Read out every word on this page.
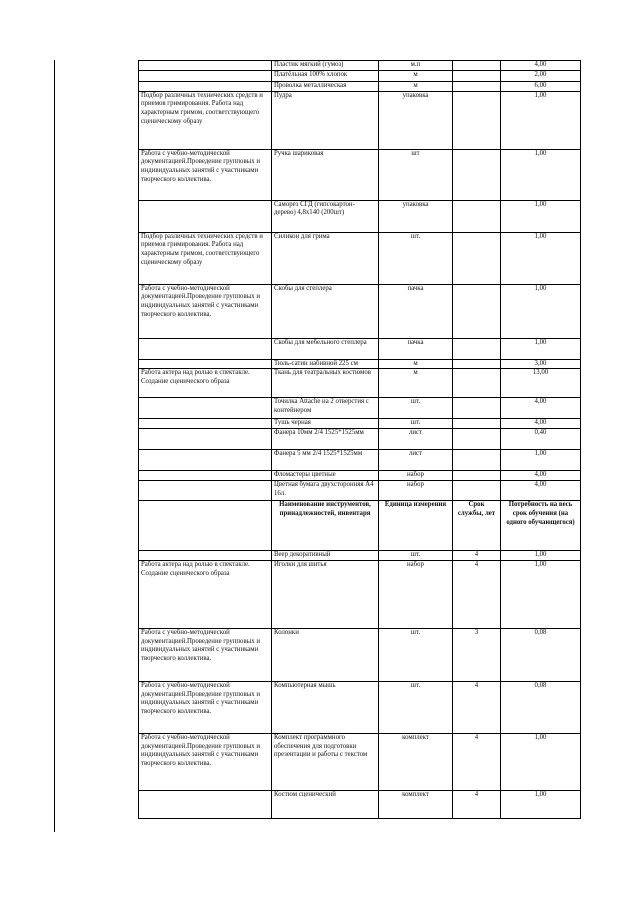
	Пластик мягкий (гумоз)	м.п		4,00
	Платёльная 100% хлопок	м		2,00
	Проволка металлическая	м		6,00
Подбор различных технических средств и приемов гримирования. Работа над характерным гримом, соответствующего сценическому образу	Пудра	упаковка		1,00
Работа с учебно-методической документацией.Проведение групповых и индивидуальных занятий с участниками творческого коллектива.	Ручка шариковая	шт		1,00
	Саморез СГД (гипсокартон-дерево) 4,8х140 (200шт)	упаковка		1,00
Подбор различных технических средств и приемов гримирования. Работа над характерным гримом, соответствующего сценическому образу	Силикон для грима	шт.		1,00
Работа с учебно-методической документацией.Проведение групповых и индивидуальных занятий с участниками творческого коллектива.	Скобы для степлера	пачка		1,00
	Скобы для мебельного степлера	пачка		1,00
	Тюль-сатин набивной 225 см	м		3,00
Работа актера над ролью в спектакле. Создание сценического образа	Ткань для театральных костюмов	м		13,00
	Точилка Attache на 2 отверстия с контейнером	шт.		4,00
	Тушь черная	шт.		4,00
	Фанера 10мм 2/4 1525*1525мм	лист		0,40
	Фанера 5 мм 2/4 1525*1525мм	лист		1,00
	Фломастеры цветные	набор		4,00
	Цветная бумага двухсторонняя А4 16л.	набор		4,00
	Наименование инструментов, принадлежностей, инвентаря	Единица измерения	Срок службы, лет	Потребность на весь срок обучения (на одного обучающегося)
	Веер декоративный	шт.	4	1,00
Работа актера над ролью в спектакле. Создание сценического образа	Иголки для шитья	набор	4	1,00
Работа с учебно-методической документацией.Проведение групповых и индивидуальных занятий с участниками творческого коллектива.	Колонки	шт.	3	0,08
Работа с учебно-методической документацией.Проведение групповых и индивидуальных занятий с участниками творческого коллектива.	Компьютерная мышь	шт.	4	0,08
Работа с учебно-методической документацией.Проведение групповых и индивидуальных занятий с участниками творческого коллектива.	Комплект программного обеспечения для подготовки презентации и работы с текстом	комплект	4	1,00
	Костюм сценический	комплект	4	1,00
